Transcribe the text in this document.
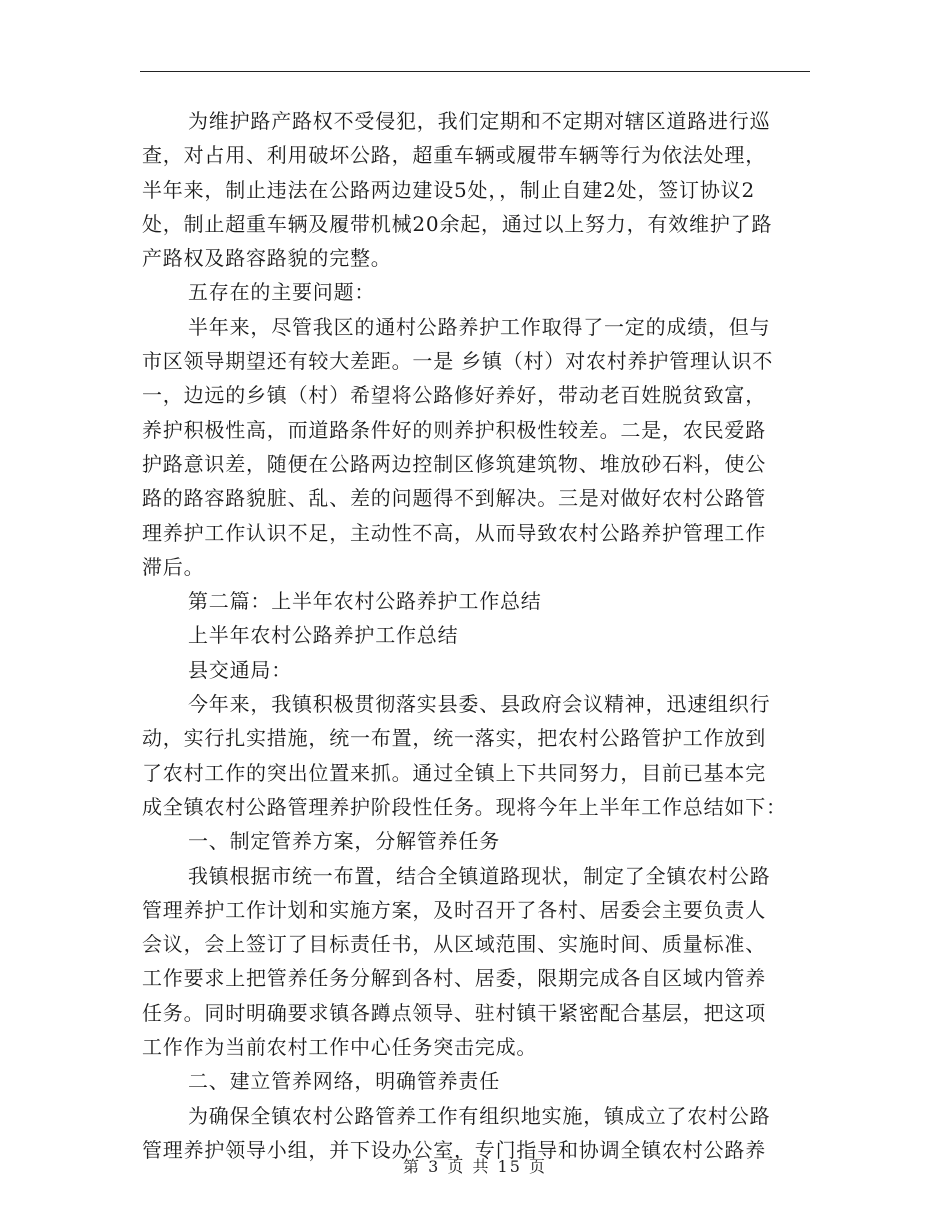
为维护路产路权不受侵犯，我们定期和不定期对辖区道路进行巡
查，对占用、利用破坏公路，超重车辆或履带车辆等行为依法处理，
半年来，制止违法在公路两边建设5处，，制止自建2处，签订协议2
处，制止超重车辆及履带机械20余起，通过以上努力，有效维护了路
产路权及路容路貌的完整。
五存在的主要问题：
半年来，尽管我区的通村公路养护工作取得了一定的成绩，但与
市区领导期望还有较大差距。一是 乡镇（村）对农村养护管理认识不
一，边远的乡镇（村）希望将公路修好养好，带动老百姓脱贫致富，
养护积极性高，而道路条件好的则养护积极性较差。二是，农民爱路
护路意识差，随便在公路两边控制区修筑建筑物、堆放砂石料，使公
路的路容路貌脏、乱、差的问题得不到解决。三是对做好农村公路管
理养护工作认识不足，主动性不高，从而导致农村公路养护管理工作
滞后。
第二篇：上半年农村公路养护工作总结
上半年农村公路养护工作总结
县交通局：
今年来，我镇积极贯彻落实县委、县政府会议精神，迅速组织行
动，实行扎实措施，统一布置，统一落实，把农村公路管护工作放到
了农村工作的突出位置来抓。通过全镇上下共同努力，目前已基本完
成全镇农村公路管理养护阶段性任务。现将今年上半年工作总结如下：
一、制定管养方案，分解管养任务
我镇根据市统一布置，结合全镇道路现状，制定了全镇农村公路
管理养护工作计划和实施方案，及时召开了各村、居委会主要负责人
会议，会上签订了目标责任书，从区域范围、实施时间、质量标准、
工作要求上把管养任务分解到各村、居委，限期完成各自区域内管养
任务。同时明确要求镇各蹲点领导、驻村镇干紧密配合基层，把这项
工作作为当前农村工作中心任务突击完成。
二、建立管养网络，明确管养责任
为确保全镇农村公路管养工作有组织地实施，镇成立了农村公路
管理养护领导小组，并下设办公室，专门指导和协调全镇农村公路养
第 3 页 共 15 页
